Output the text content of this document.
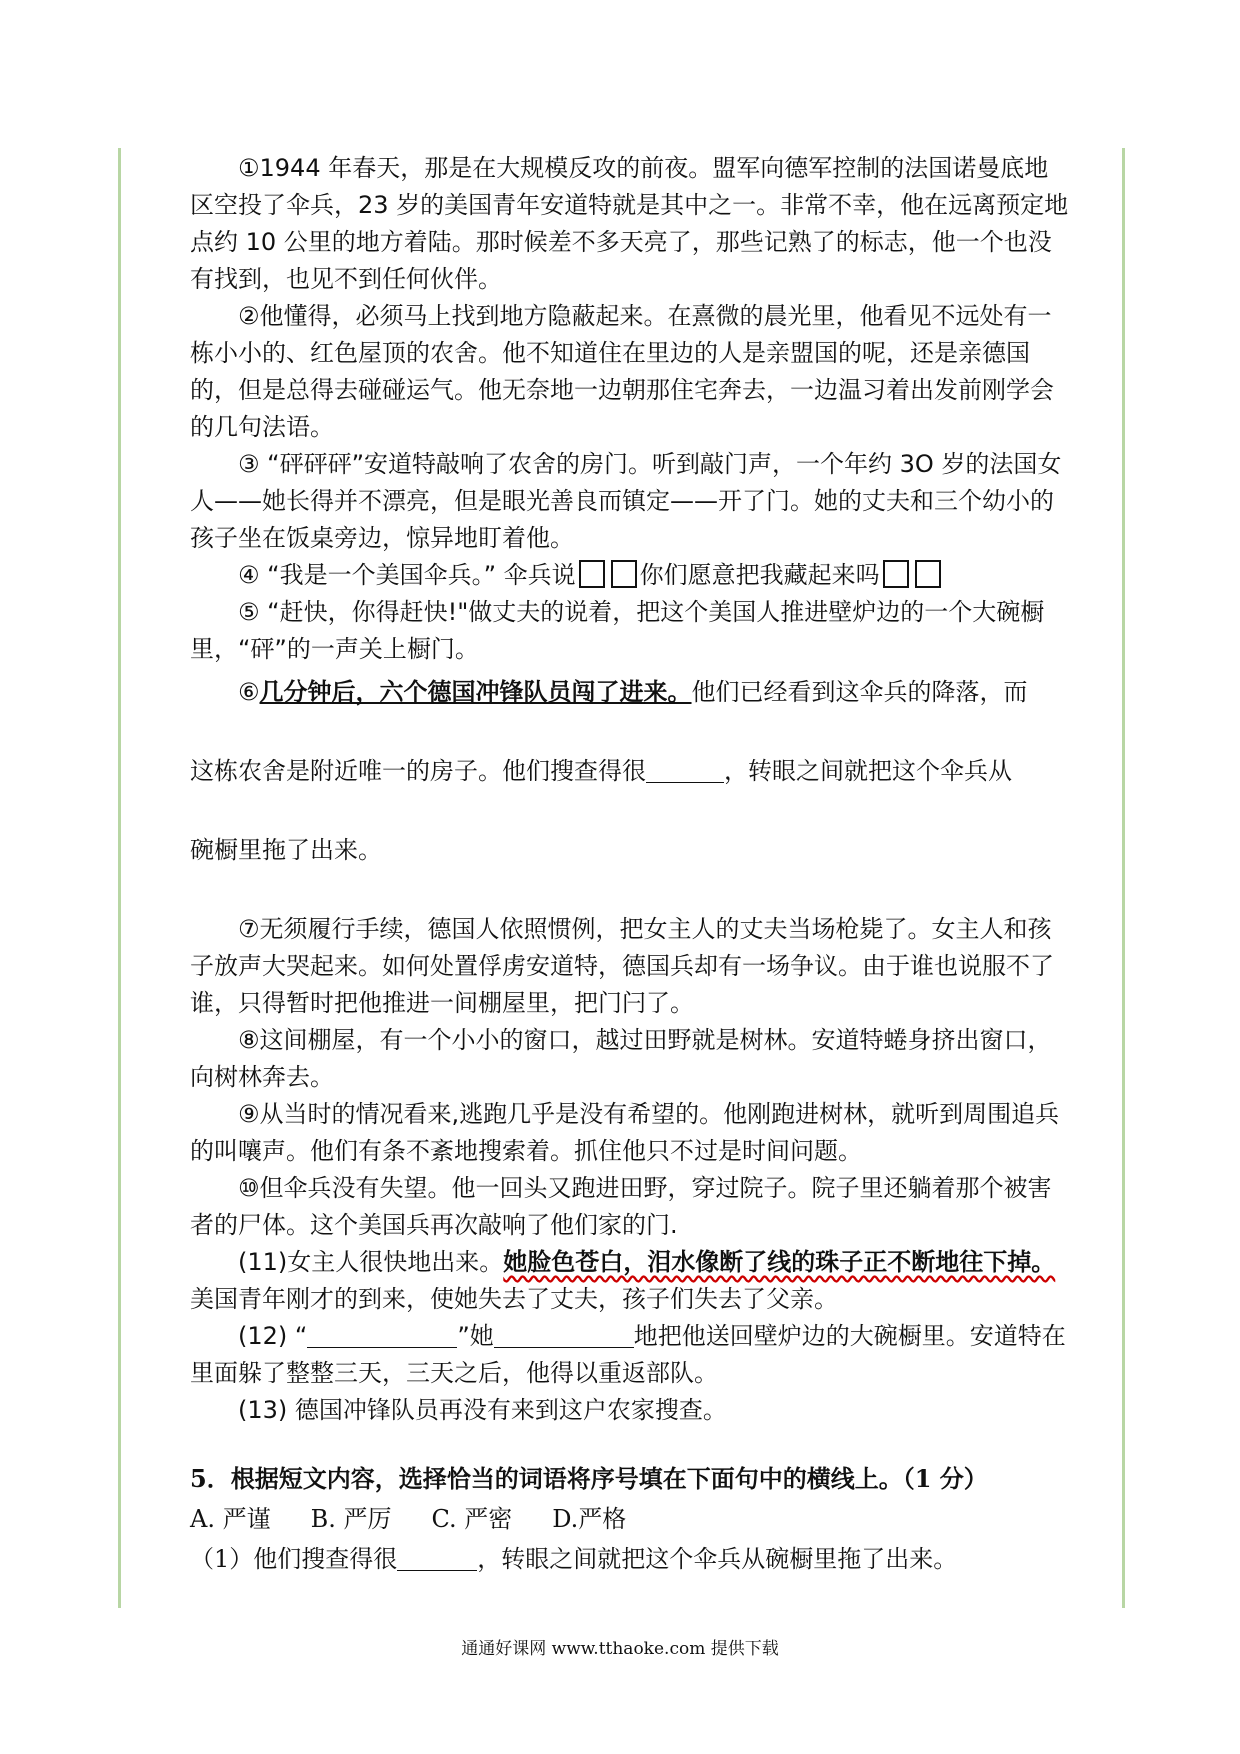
①1944 年春天，那是在大规模反攻的前夜。盟军向德军控制的法国诺曼底地区空投了伞兵，23 岁的美国青年安道特就是其中之一。非常不幸，他在远离预定地点约 10 公里的地方着陆。那时候差不多天亮了，那些记熟了的标志，他一个也没有找到，也见不到任何伙伴。

②他懂得，必须马上找到地方隐蔽起来。在熹微的晨光里，他看见不远处有一栋小小的、红色屋顶的农舍。他不知道住在里边的人是亲盟国的呢，还是亲德国的，但是总得去碰碰运气。他无奈地一边朝那住宅奔去，一边温习着出发前刚学会的几句法语。

③ “砰砰砰”安道特敲响了农舍的房门。听到敲门声，一个年约 3O 岁的法国女人——她长得并不漂亮，但是眼光善良而镇定——开了门。她的丈夫和三个幼小的孩子坐在饭桌旁边，惊异地盯着他。

④ “我是一个美国伞兵。” 伞兵说	你们愿意把我藏起来吗

⑤ “赶快，你得赶快!"做丈夫的说着，把这个美国人推进壁炉边的一个大碗橱里，“砰”的一声关上橱门。

⑥几分钟后，六个德国冲锋队员闯了进来。他们已经看到这伞兵的降落，而

这栋农舍是附近唯一的房子。他们搜查得很	，转眼之间就把这个伞兵从

碗橱里拖了出来。

⑦无须履行手续，德国人依照惯例，把女主人的丈夫当场枪毙了。女主人和孩子放声大哭起来。如何处置俘虏安道特，德国兵却有一场争议。由于谁也说服不了谁，只得暂时把他推进一间棚屋里，把门闩了。

⑧这间棚屋，有一个小小的窗口，越过田野就是树林。安道特蜷身挤出窗口，向树林奔去。

⑨从当时的情况看来,逃跑几乎是没有希望的。他刚跑进树林，就听到周围追兵的叫嚷声。他们有条不紊地搜索着。抓住他只不过是时间问题。

⑩但伞兵没有失望。他一回头又跑进田野，穿过院子。院子里还躺着那个被害者的尸体。这个美国兵再次敲响了他们家的门.

(11)女主人很快地出来。她脸色苍白，泪水像断了线的珠子正不断地往下掉。美国青年刚才的到来，使她失去了丈夫，孩子们失去了父亲。

(12) “	”她	地把他送回壁炉边的大碗橱里。安道特在里面躲了整整三天，三天之后，他得以重返部队。

(13) 德国冲锋队员再没有来到这户农家搜查。

5．根据短文内容，选择恰当的词语将序号填在下面句中的横线上。（1 分）

A. 严谨 B. 严厉 C. 严密 D.严格

（1）他们搜查得很	，转眼之间就把这个伞兵从碗橱里拖了出来。

通通好课网 www.tthaoke.com 提供下载
